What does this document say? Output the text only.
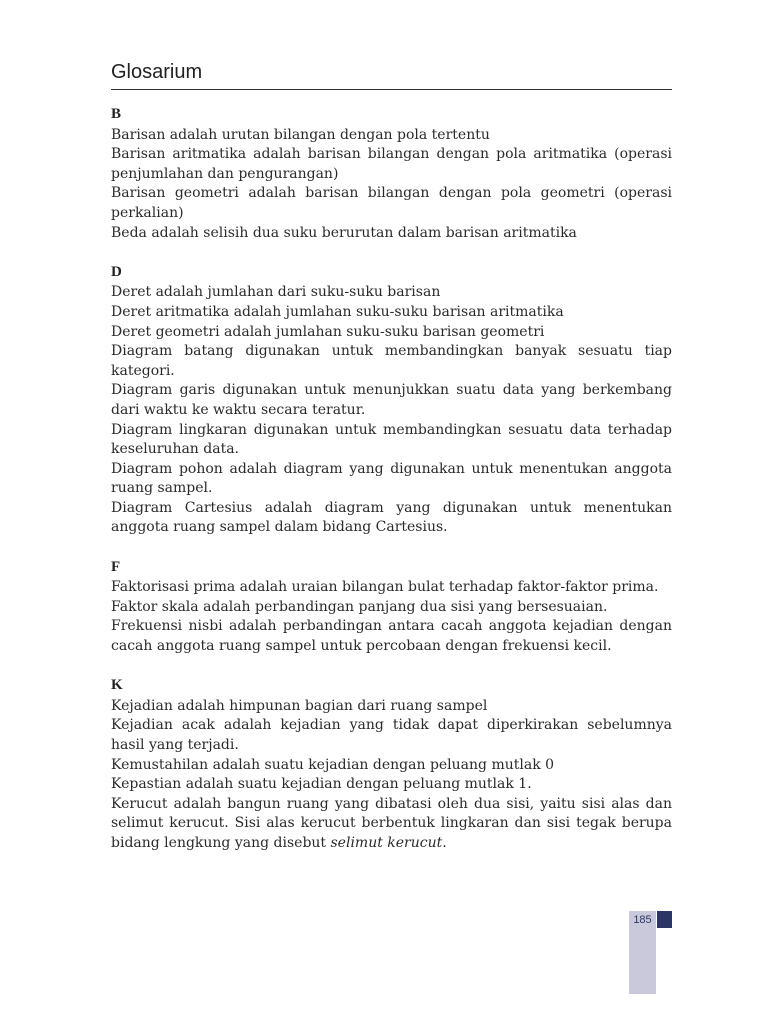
Glosarium
B

Barisan adalah urutan bilangan dengan pola tertentu

Barisan aritmatika adalah barisan bilangan dengan pola aritmatika (operasi penjumlahan dan pengurangan)

Barisan geometri adalah barisan bilangan dengan pola geometri (operasi perkalian)

Beda adalah selisih dua suku berurutan dalam barisan aritmatika

D

Deret adalah jumlahan dari suku-suku barisan

Deret aritmatika adalah jumlahan suku-suku barisan aritmatika

Deret geometri adalah jumlahan suku-suku barisan geometri

Diagram batang digunakan untuk membandingkan banyak sesuatu tiap kategori.

Diagram garis digunakan untuk menunjukkan suatu data yang berkembang dari waktu ke waktu secara teratur.

Diagram lingkaran digunakan untuk membandingkan sesuatu data terhadap keseluruhan data.

Diagram pohon adalah diagram yang digunakan untuk menentukan anggota ruang sampel.

Diagram Cartesius adalah diagram yang digunakan untuk menentukan anggota ruang sampel dalam bidang Cartesius.

F

Faktorisasi prima adalah uraian bilangan bulat terhadap faktor-faktor prima.

Faktor skala adalah perbandingan panjang dua sisi yang bersesuaian.

Frekuensi nisbi adalah perbandingan antara cacah anggota kejadian dengan cacah anggota ruang sampel untuk percobaan dengan frekuensi kecil.

K

Kejadian adalah himpunan bagian dari ruang sampel

Kejadian acak adalah kejadian yang tidak dapat diperkirakan sebelumnya hasil yang terjadi.

Kemustahilan adalah suatu kejadian dengan peluang mutlak 0

Kepastian adalah suatu kejadian dengan peluang mutlak 1.

Kerucut adalah bangun ruang yang dibatasi oleh dua sisi, yaitu sisi alas dan selimut kerucut. Sisi alas kerucut berbentuk lingkaran dan sisi tegak berupa bidang lengkung yang disebut selimut kerucut.

185
